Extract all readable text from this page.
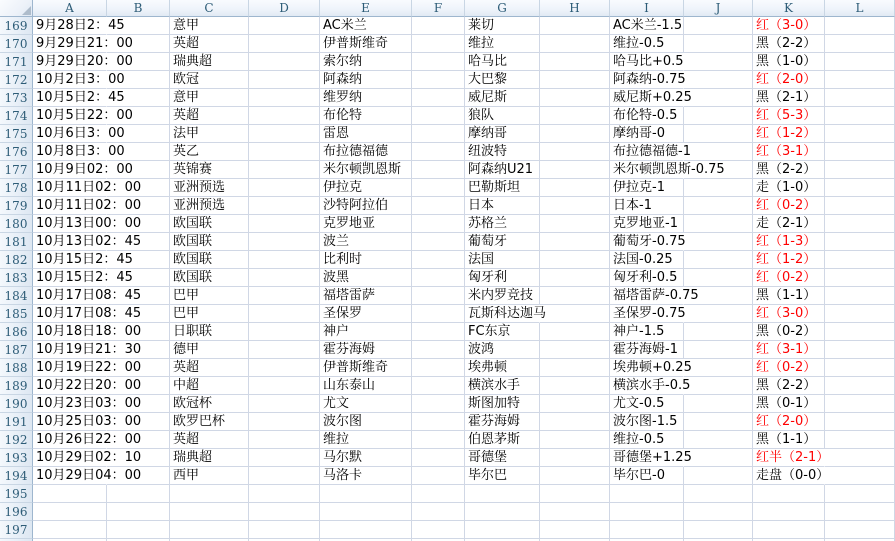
A	B	C	D	E	F	G	H	I	J	K	L
169 9月28日2：45	意甲	AC米兰	莱切	AC米兰-1.5	红（3-0）
170 9月29日21：00	英超	伊普斯维奇	维拉	维拉-0.5	黑（2-2）
171 9月29日20：00	瑞典超	索尔纳	哈马比	哈马比+0.5	黑（1-0）
172 10月2日3：00	欧冠	阿森纳	大巴黎	阿森纳-0.75	红（2-0）
173 10月5日2：45	意甲	维罗纳	威尼斯	威尼斯+0.25	黑（2-1）
174 10月5日22：00	英超	布伦特	狼队	布伦特-0.5	红（5-3）
175 10月6日3：00	法甲	雷恩	摩纳哥	摩纳哥-0	红（1-2）
176 10月8日3：00	英乙	布拉德福德	纽波特	布拉德福德-1	红（3-1）
177 10月9日02：00	英锦赛	米尔顿凯恩斯	阿森纳U21	米尔顿凯恩斯-0.75 黑（2-2）
178 10月11日02：00 亚洲预选	伊拉克	巴勒斯坦	伊拉克-1	走（1-0）
179 10月11日02：00 亚洲预选	沙特阿拉伯	日本	日本-1	红（0-2）
180 10月13日00：00 欧国联	克罗地亚	苏格兰	克罗地亚-1	走（2-1）
181 10月13日02：45 欧国联	波兰	葡萄牙	葡萄牙-0.75	红（1-3）
182 10月15日2：45	欧国联	比利时	法国	法国-0.25	红（1-2）
183 10月15日2：45	欧国联	波黑	匈牙利	匈牙利-0.5	红（0-2）
184 10月17日08：45 巴甲	福塔雷萨	米内罗竞技	福塔雷萨-0.75	黑（1-1）
185 10月17日08：45 巴甲	圣保罗	瓦斯科达迦马	圣保罗-0.75	红（3-0）
186 10月18日18：00 日职联	神户	FC东京	神户-1.5	黑（0-2）
187 10月19日21：30 德甲	霍芬海姆	波鸿	霍芬海姆-1	红（3-1）
188 10月19日22：00 英超	伊普斯维奇	埃弗顿	埃弗顿+0.25	红（0-2）
189 10月22日20：00 中超	山东泰山	横滨水手	横滨水手-0.5	黑（2-2）
190 10月23日03：00 欧冠杯	尤文	斯图加特	尤文-0.5	黑（0-1）
191 10月25日03：00 欧罗巴杯	波尔图	霍芬海姆	波尔图-1.5	红（2-0）
192 10月26日22：00 英超	维拉	伯恩茅斯	维拉-0.5	黑（1-1）
193 10月29日02：10 瑞典超	马尔默	哥德堡	哥德堡+1.25	红半（2-1）
194 10月29日04：00 西甲	马洛卡	毕尔巴	毕尔巴-0	走盘（0-0）
195
196
197
